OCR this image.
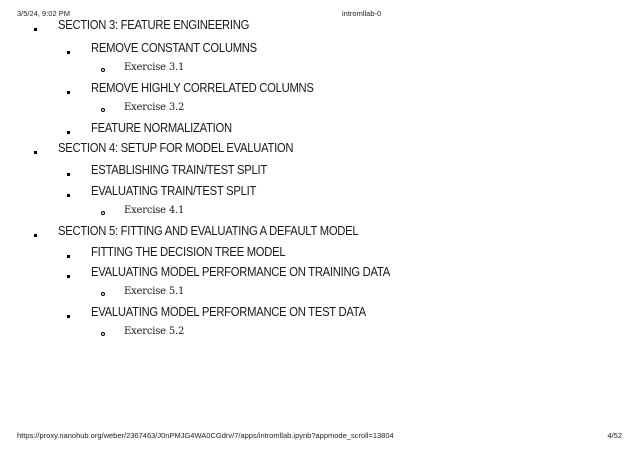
3/5/24, 9:02 PM	intromllab-0
SECTION 3: FEATURE ENGINEERING
REMOVE CONSTANT COLUMNS
Exercise 3.1
REMOVE HIGHLY CORRELATED COLUMNS
Exercise 3.2
FEATURE NORMALIZATION
SECTION 4: SETUP FOR MODEL EVALUATION
ESTABLISHING TRAIN/TEST SPLIT
EVALUATING TRAIN/TEST SPLIT
Exercise 4.1
SECTION 5: FITTING AND EVALUATING A DEFAULT MODEL
FITTING THE DECISION TREE MODEL
EVALUATING MODEL PERFORMANCE ON TRAINING DATA
Exercise 5.1
EVALUATING MODEL PERFORMANCE ON TEST DATA
Exercise 5.2
https://proxy.nanohub.org/weber/2367463/J0nPMJG4WA0CGdrv/7/apps/intromllab.ipynb?appmode_scroll=13804	4/52
